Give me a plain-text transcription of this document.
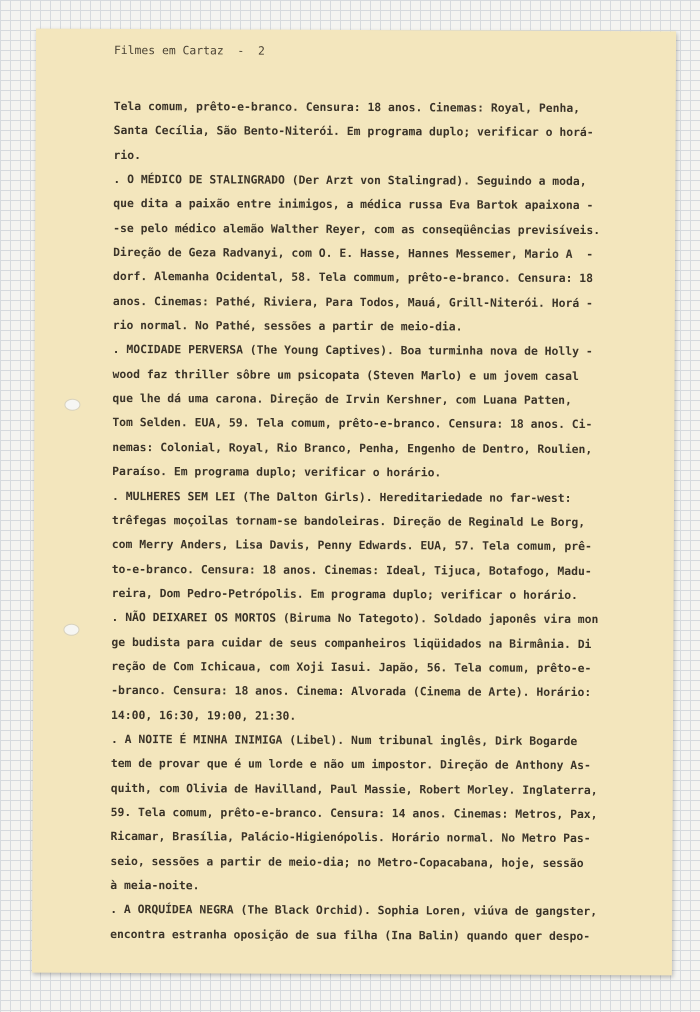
Filmes em Cartaz  -  2

Tela comum, prêto-e-branco. Censura: 18 anos. Cinemas: Royal, Penha,
Santa Cecília, São Bento-Niterói. Em programa duplo; verificar o horá-
rio.
. O MÉDICO DE STALINGRADO (Der Arzt von Stalingrad). Seguindo a moda,
que dita a paixão entre inimigos, a médica russa Eva Bartok apaixona -
-se pelo médico alemão Walther Reyer, com as conseqüências previsíveis.
Direção de Geza Radvanyi, com O. E. Hasse, Hannes Messemer, Mario A  -
dorf. Alemanha Ocidental, 58. Tela commum, prêto-e-branco. Censura: 18
anos. Cinemas: Pathé, Riviera, Para Todos, Mauá, Grill-Niterói. Horá -
rio normal. No Pathé, sessões a partir de meio-dia.
. MOCIDADE PERVERSA (The Young Captives). Boa turminha nova de Holly -
wood faz thriller sôbre um psicopata (Steven Marlo) e um jovem casal
que lhe dá uma carona. Direção de Irvin Kershner, com Luana Patten,
Tom Selden. EUA, 59. Tela comum, prêto-e-branco. Censura: 18 anos. Ci-
nemas: Colonial, Royal, Rio Branco, Penha, Engenho de Dentro, Roulien,
Paraíso. Em programa duplo; verificar o horário.
. MULHERES SEM LEI (The Dalton Girls). Hereditariedade no far-west:
trêfegas moçoilas tornam-se bandoleiras. Direção de Reginald Le Borg,
com Merry Anders, Lisa Davis, Penny Edwards. EUA, 57. Tela comum, prê-
to-e-branco. Censura: 18 anos. Cinemas: Ideal, Tijuca, Botafogo, Madu-
reira, Dom Pedro-Petrópolis. Em programa duplo; verificar o horário.
. NÃO DEIXAREI OS MORTOS (Biruma No Tategoto). Soldado japonês vira mon
ge budista para cuidar de seus companheiros liqüidados na Birmânia. Di
reção de Com Ichicaua, com Xoji Iasui. Japão, 56. Tela comum, prêto-e-
-branco. Censura: 18 anos. Cinema: Alvorada (Cinema de Arte). Horário:
14:00, 16:30, 19:00, 21:30.
. A NOITE É MINHA INIMIGA (Libel). Num tribunal inglês, Dirk Bogarde
tem de provar que é um lorde e não um impostor. Direção de Anthony As-
quith, com Olivia de Havilland, Paul Massie, Robert Morley. Inglaterra,
59. Tela comum, prêto-e-branco. Censura: 14 anos. Cinemas: Metros, Pax,
Ricamar, Brasília, Palácio-Higienópolis. Horário normal. No Metro Pas-
seio, sessões a partir de meio-dia; no Metro-Copacabana, hoje, sessão
à meia-noite.
. A ORQUÍDEA NEGRA (The Black Orchid). Sophia Loren, viúva de gangster,
encontra estranha oposição de sua filha (Ina Balin) quando quer despo-
